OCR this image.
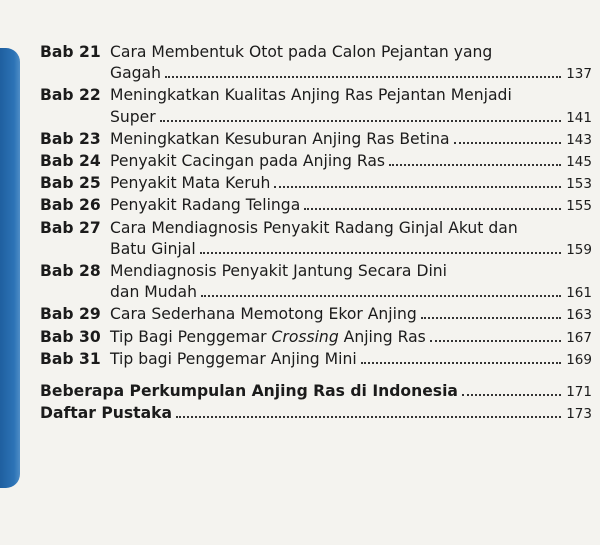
Bab 21 Cara Membentuk Otot pada Calon Pejantan yang
Gagah	137
Bab 22 Meningkatkan Kualitas Anjing Ras Pejantan Menjadi
Super	141
Bab 23 Meningkatkan Kesuburan Anjing Ras Betina	143
Bab 24 Penyakit Cacingan pada Anjing Ras	145
Bab 25 Penyakit Mata Keruh	153
Bab 26 Penyakit Radang Telinga	155
Bab 27 Cara Mendiagnosis Penyakit Radang Ginjal Akut dan
Batu Ginjal	159
Bab 28 Mendiagnosis Penyakit Jantung Secara Dini
dan Mudah	161
Bab 29 Cara Sederhana Memotong Ekor Anjing	163
Bab 30 Tip Bagi Penggemar Crossing Anjing Ras	167
Bab 31 Tip bagi Penggemar Anjing Mini	169
Beberapa Perkumpulan Anjing Ras di Indonesia	171
Daftar Pustaka	173
